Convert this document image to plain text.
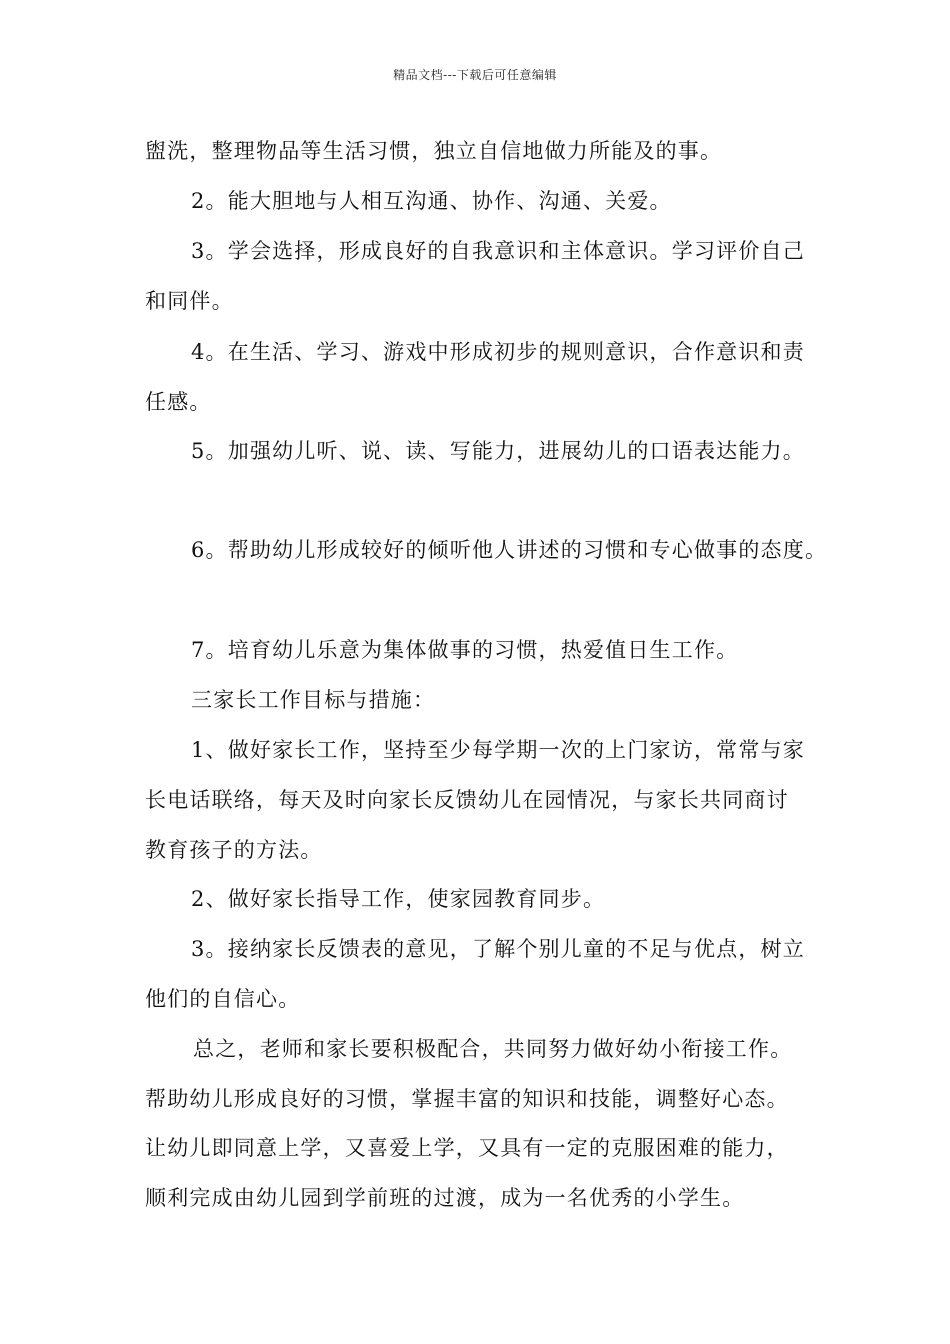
精品文档---下载后可任意编辑
盥洗，整理物品等生活习惯，独立自信地做力所能及的事。
2。能大胆地与人相互沟通、协作、沟通、关爱。
3。学会选择，形成良好的自我意识和主体意识。学习评价自己
和同伴。
4。在生活、学习、游戏中形成初步的规则意识，合作意识和责
任感。
5。加强幼儿听、说、读、写能力，进展幼儿的口语表达能力。
6。帮助幼儿形成较好的倾听他人讲述的习惯和专心做事的态度。
7。培育幼儿乐意为集体做事的习惯，热爱值日生工作。
三家长工作目标与措施：
1、做好家长工作，坚持至少每学期一次的上门家访，常常与家
长电话联络，每天及时向家长反馈幼儿在园情况，与家长共同商讨
教育孩子的方法。
2、做好家长指导工作，使家园教育同步。
3。接纳家长反馈表的意见，了解个别儿童的不足与优点，树立
他们的自信心。
总之，老师和家长要积极配合，共同努力做好幼小衔接工作。
帮助幼儿形成良好的习惯，掌握丰富的知识和技能，调整好心态。
让幼儿即同意上学，又喜爱上学，又具有一定的克服困难的能力，
顺利完成由幼儿园到学前班的过渡，成为一名优秀的小学生。
